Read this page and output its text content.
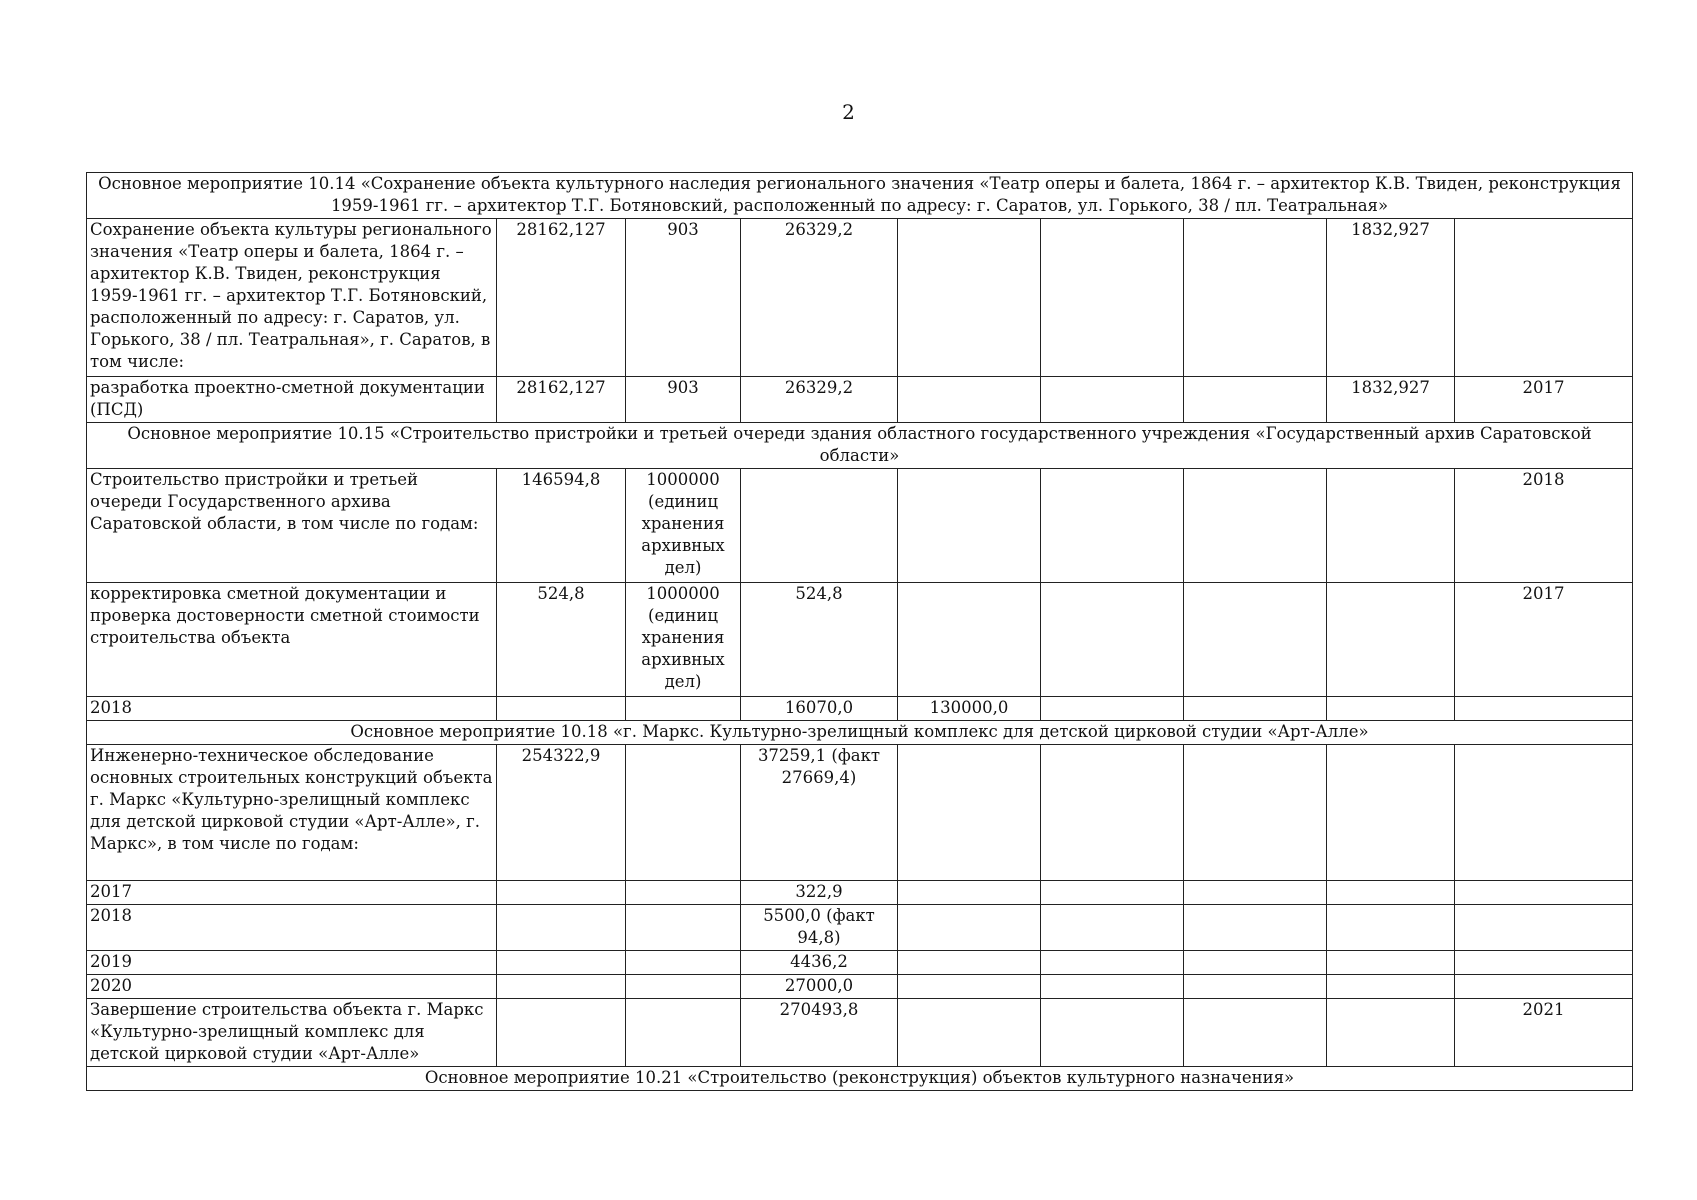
2
Основное мероприятие 10.14 «Сохранение объекта культурного наследия регионального значения «Театр оперы и балета, 1864 г. – архитектор К.В. Твиден, реконструкция 1959-1961 гг. – архитектор Т.Г. Ботяновский, расположенный по адресу: г. Саратов, ул. Горького, 38 / пл. Театральная»								
Сохранение объекта культуры регионального значения «Театр оперы и балета, 1864 г. – архитектор К.В. Твиден, реконструкция 1959-1961 гг. – архитектор Т.Г. Ботяновский, расположенный по адресу: г. Саратов, ул. Горького, 38 / пл. Театральная», г. Саратов, в том числе:	28162,127	903	26329,2				1832,927	
разработка проектно-сметной документации (ПСД)	28162,127	903	26329,2				1832,927	2017
Основное мероприятие 10.15 «Строительство пристройки и третьей очереди здания областного государственного учреждения «Государственный архив Саратовской области»								
Строительство пристройки и третьей очереди Государственного архива Саратовской области, в том числе по годам:	146594,8	1000000 (единиц хранения архивных дел)						2018
корректировка сметной документации и проверка достоверности сметной стоимости строительства объекта	524,8	1000000 (единиц хранения архивных дел)	524,8					2017
2018			16070,0	130000,0				
Основное мероприятие 10.18 «г. Маркс. Культурно-зрелищный комплекс для детской цирковой студии «Арт-Алле»								
Инженерно-техническое обследование основных строительных конструкций объекта г. Маркс «Культурно-зрелищный комплекс для детской цирковой студии «Арт-Алле», г. Маркс», в том числе по годам:	254322,9		37259,1 (факт 27669,4)					
2017			322,9					
2018			5500,0 (факт 94,8)					
2019			4436,2					
2020			27000,0					
Завершение строительства объекта г. Маркс «Культурно-зрелищный комплекс для детской цирковой студии «Арт-Алле»			270493,8					2021
Основное мероприятие 10.21 «Строительство (реконструкция) объектов культурного назначения»								
